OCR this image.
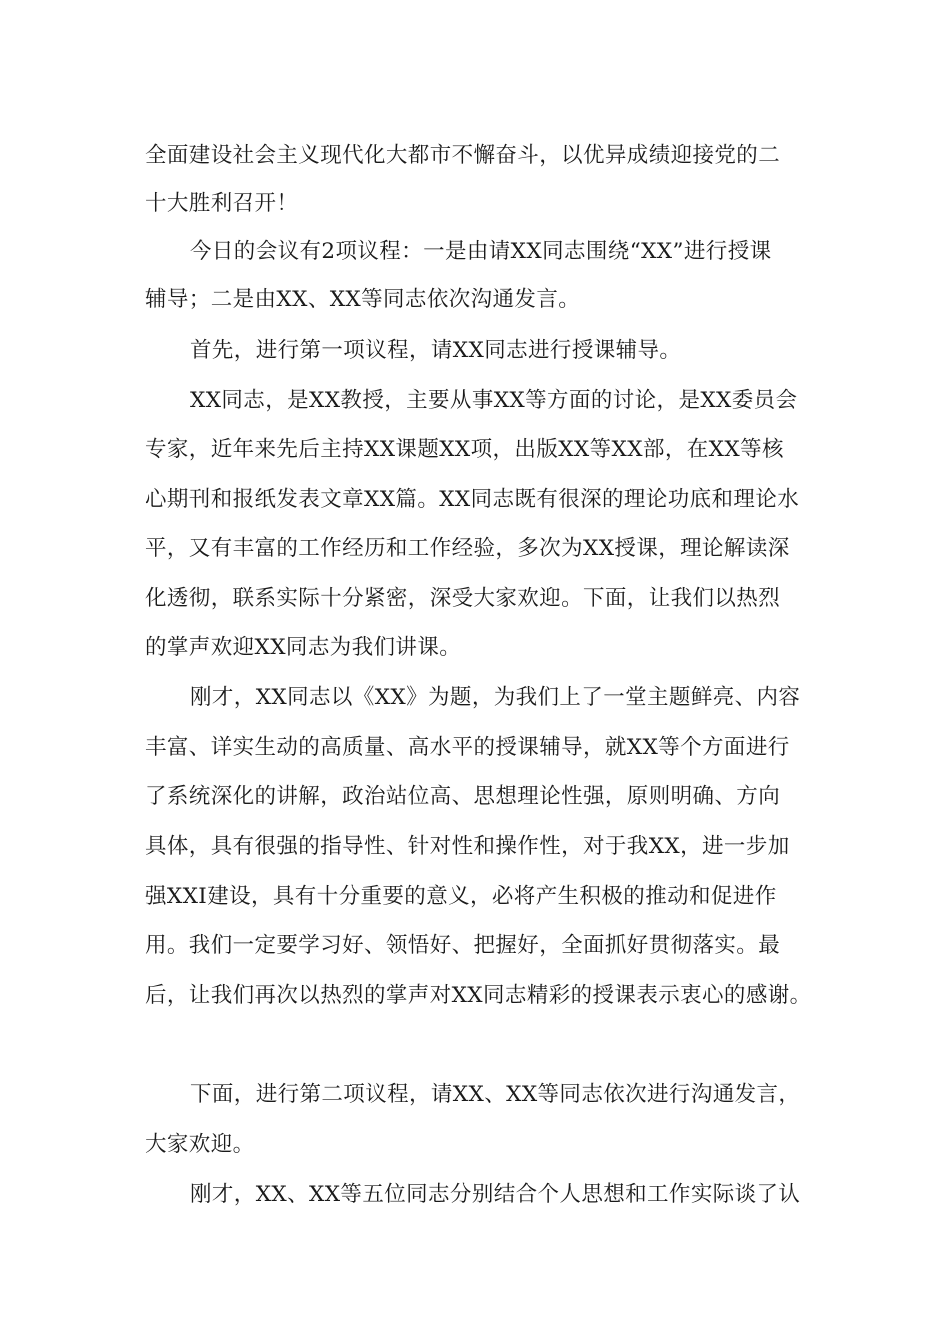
全面建设社会主义现代化大都市不懈奋斗，以优异成绩迎接党的二
十大胜利召开！
今日的会议有2项议程：一是由请XX同志围绕“XX”进行授课
辅导；二是由XX、XX等同志依次沟通发言。
首先，进行第一项议程，请XX同志进行授课辅导。
XX同志，是XX教授，主要从事XX等方面的讨论，是XX委员会
专家，近年来先后主持XX课题XX项，出版XX等XX部，在XX等核
心期刊和报纸发表文章XX篇。XX同志既有很深的理论功底和理论水
平，又有丰富的工作经历和工作经验，多次为XX授课，理论解读深
化透彻，联系实际十分紧密，深受大家欢迎。下面，让我们以热烈
的掌声欢迎XX同志为我们讲课。
刚才，XX同志以《XX》为题，为我们上了一堂主题鲜亮、内容
丰富、详实生动的高质量、高水平的授课辅导，就XX等个方面进行
了系统深化的讲解，政治站位高、思想理论性强，原则明确、方向
具体，具有很强的指导性、针对性和操作性，对于我XX，进一步加
强XXI建设，具有十分重要的意义，必将产生积极的推动和促进作
用。我们一定要学习好、领悟好、把握好，全面抓好贯彻落实。最
后，让我们再次以热烈的掌声对XX同志精彩的授课表示衷心的感谢。
下面，进行第二项议程，请XX、XX等同志依次进行沟通发言，
大家欢迎。
刚才，XX、XX等五位同志分别结合个人思想和工作实际谈了认
